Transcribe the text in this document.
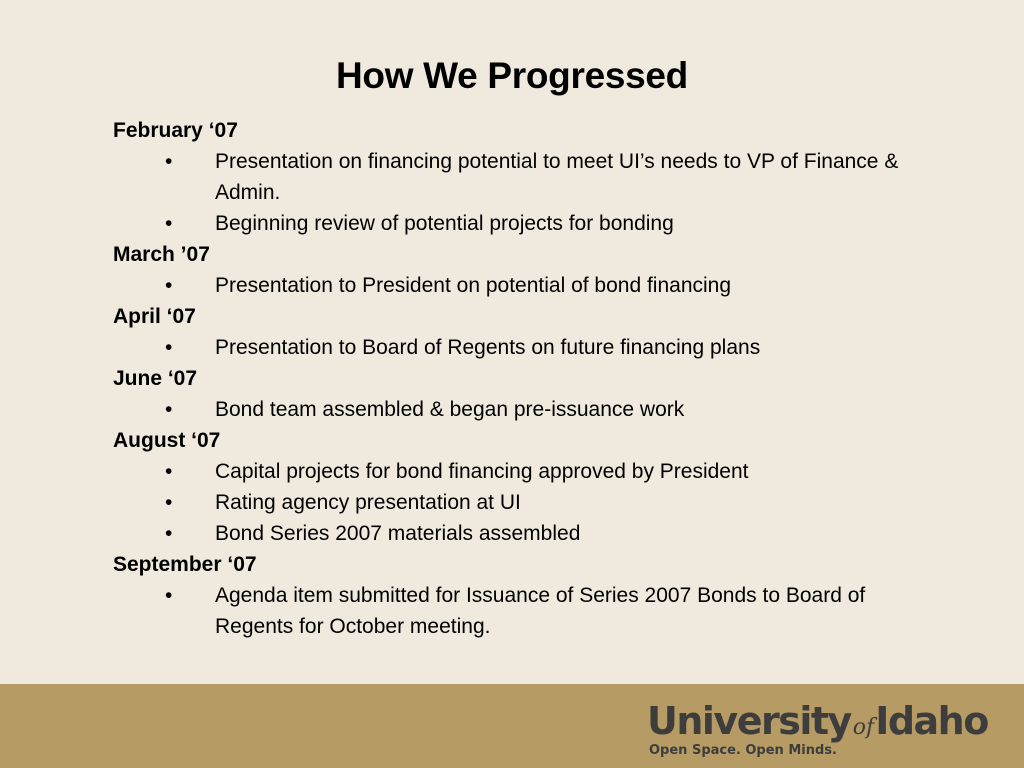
How We Progressed
February ‘07
•	Presentation on financing potential to meet UI’s needs to VP of Finance & Admin.
•	Beginning review of potential projects for bonding
March ’07
•	Presentation to President on potential of bond financing
April ‘07
•	Presentation to Board of Regents on future financing plans
June ‘07
•	Bond team assembled & began pre-issuance work
August ‘07
•	Capital projects for bond financing approved by President
•	Rating agency presentation at UI
•	Bond Series 2007 materials assembled
September ‘07
•	Agenda item submitted for Issuance of Series 2007 Bonds to Board of Regents for October meeting.
UniversityofIdaho
Open Space. Open Minds.
